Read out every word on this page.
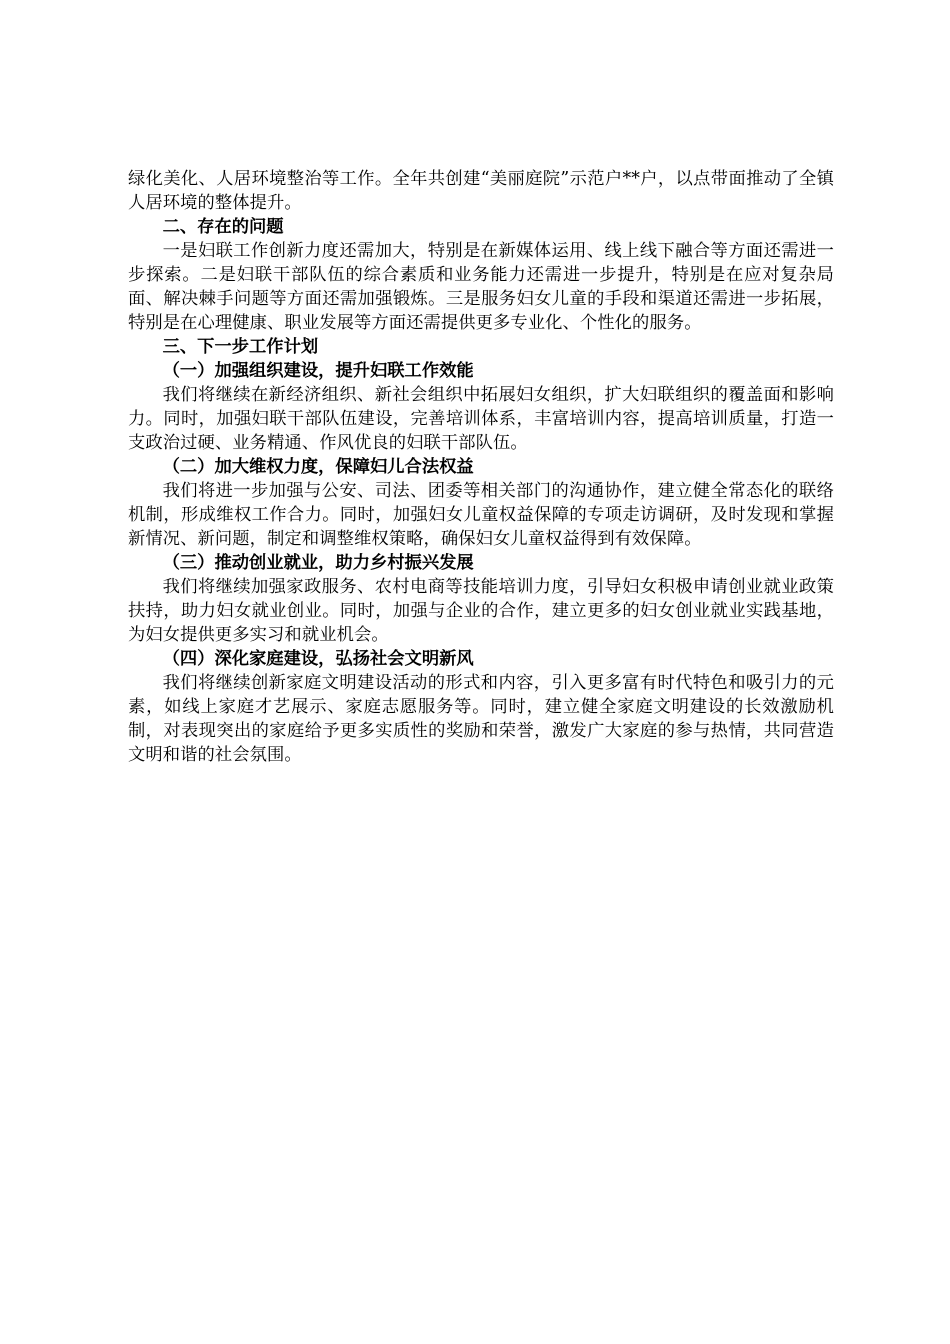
绿化美化、人居环境整治等工作。全年共创建“美丽庭院”示范户**户，以点带面推动了全镇人居环境的整体提升。

二、存在的问题

一是妇联工作创新力度还需加大，特别是在新媒体运用、线上线下融合等方面还需进一步探索。二是妇联干部队伍的综合素质和业务能力还需进一步提升，特别是在应对复杂局面、解决棘手问题等方面还需加强锻炼。三是服务妇女儿童的手段和渠道还需进一步拓展，特别是在心理健康、职业发展等方面还需提供更多专业化、个性化的服务。

三、下一步工作计划

（一）加强组织建设，提升妇联工作效能

我们将继续在新经济组织、新社会组织中拓展妇女组织，扩大妇联组织的覆盖面和影响力。同时，加强妇联干部队伍建设，完善培训体系，丰富培训内容，提高培训质量，打造一支政治过硬、业务精通、作风优良的妇联干部队伍。

（二）加大维权力度，保障妇儿合法权益

我们将进一步加强与公安、司法、团委等相关部门的沟通协作，建立健全常态化的联络机制，形成维权工作合力。同时，加强妇女儿童权益保障的专项走访调研，及时发现和掌握新情况、新问题，制定和调整维权策略，确保妇女儿童权益得到有效保障。

（三）推动创业就业，助力乡村振兴发展

我们将继续加强家政服务、农村电商等技能培训力度，引导妇女积极申请创业就业政策扶持，助力妇女就业创业。同时，加强与企业的合作，建立更多的妇女创业就业实践基地，为妇女提供更多实习和就业机会。

（四）深化家庭建设，弘扬社会文明新风

我们将继续创新家庭文明建设活动的形式和内容，引入更多富有时代特色和吸引力的元素，如线上家庭才艺展示、家庭志愿服务等。同时，建立健全家庭文明建设的长效激励机制，对表现突出的家庭给予更多实质性的奖励和荣誉，激发广大家庭的参与热情，共同营造文明和谐的社会氛围。
